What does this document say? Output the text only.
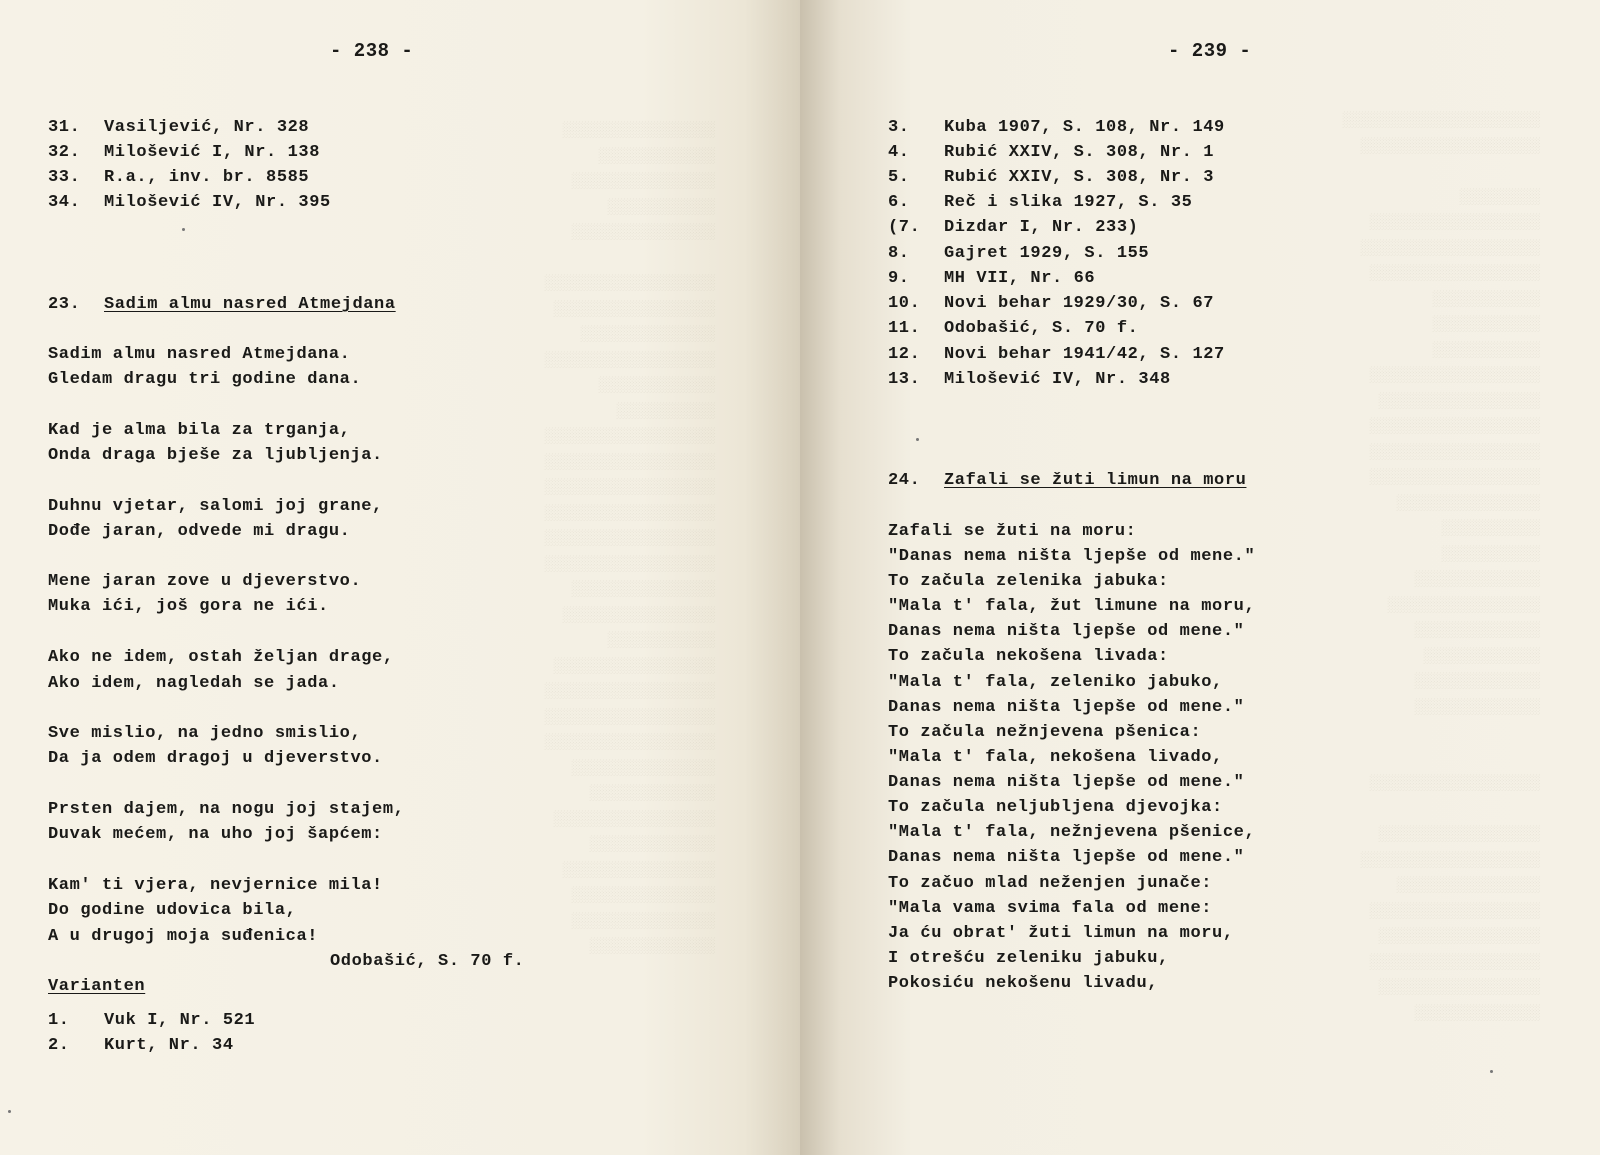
░░░░░░░░░░░░░░░░░
░░░░░░░░░░░░░
░░░░░░░░░░░░░░░░
░░░░░░░░░░░░
░░░░░░░░░░░░░░░░

░░░░░░░░░░░░░░░░░░░
░░░░░░░░░░░░░░░░░░
░░░░░░░░░░░░░░░
░░░░░░░░░░░░░░░░░░░
░░░░░░░░░░░░░
░░░░░░░░░░░
░░░░░░░░░░░░░░░░░░░
░░░░░░░░░░░░░░░░░░░
░░░░░░░░░░░░░░░░░░░
░░░░░░░░░░░░░░░░░░░
░░░░░░░░░░░░░░░░░░░
░░░░░░░░░░░░░░░░░░░
░░░░░░░░░░░░░░░░
░░░░░░░░░░░░░░░░░
░░░░░░░░░░░░
░░░░░░░░░░░░░░░░░░
░░░░░░░░░░░░░░░░░░░
░░░░░░░░░░░░░░░░░░░
░░░░░░░░░░░░░░░░░░░
░░░░░░░░░░░░░░░░
░░░░░░░░░░░░░░
░░░░░░░░░░░░░░░░░░
░░░░░░░░░░░░░░
░░░░░░░░░░░░░░░░░
░░░░░░░░░░░░░░░░
░░░░░░░░░░░░░░░░
░░░░░░░░░░░░░░
- 238 -
31. Vasiljević, Nr. 328
32. Milošević I, Nr. 138
33. R.a., inv. br. 8585
34. Milošević IV, Nr. 395
23. Sadim almu nasred Atmejdana
Sadim almu nasred Atmejdana.
Gledam dragu tri godine dana.
Kad je alma bila za trganja,
Onda draga bješe za ljubljenja.
Duhnu vjetar, salomi joj grane,
Dođe jaran, odvede mi dragu.
Mene jaran zove u djeverstvo.
Muka ići, još gora ne ići.
Ako ne idem, ostah željan drage,
Ako idem, nagledah se jada.
Sve mislio, na jedno smislio,
Da ja odem dragoj u djeverstvo.
Prsten dajem, na nogu joj stajem,
Duvak mećem, na uho joj šapćem:
Kam' ti vjera, nevjernice mila!
Do godine udovica bila,
A u drugoj moja suđenica!
Odobašić, S. 70 f.
Varianten
1. Vuk I, Nr. 521
2. Kurt, Nr. 34
░░░░░░░░░░░░░░░░░░░░░░
░░░░░░░░░░░░░░░░░░░░

░░░░░░░░░
░░░░░░░░░░░░░░░░░░░
░░░░░░░░░░░░░░░░░░░░
░░░░░░░░░░░░░░░░░░░
░░░░░░░░░░░░
░░░░░░░░░░░░
░░░░░░░░░░░░
░░░░░░░░░░░░░░░░░░░
░░░░░░░░░░░░░░░░░░
░░░░░░░░░░░░░░░░░░░
░░░░░░░░░░░░░░░░░░░
░░░░░░░░░░░░░░░░░░░
░░░░░░░░░░░░░░░░
░░░░░░░░░░░
░░░░░░░░░░░
░░░░░░░░░░░░░░
░░░░░░░░░░░░░░░░░
░░░░░░░░░░░░░░
░░░░░░░░░░░░░
░░░░░░░░░░░░░░
░░░░░░░░░░░░░░

░░░░░░░░░░░░░░░░░░░

░░░░░░░░░░░░░░░░░░
░░░░░░░░░░░░░░░░░░░░
░░░░░░░░░░░░░░░░
░░░░░░░░░░░░░░░░░░░
░░░░░░░░░░░░░░░░░░
░░░░░░░░░░░░░░░░░░░
░░░░░░░░░░░░░░░░░░
░░░░░░░░░░░░░░
- 239 -
3. Kuba 1907, S. 108, Nr. 149
4. Rubić XXIV, S. 308, Nr. 1
5. Rubić XXIV, S. 308, Nr. 3
6. Reč i slika 1927, S. 35
(7. Dizdar I, Nr. 233)
8. Gajret 1929, S. 155
9. MH VII, Nr. 66
10. Novi behar 1929/30, S. 67
11. Odobašić, S. 70 f.
12. Novi behar 1941/42, S. 127
13. Milošević IV, Nr. 348
24. Zafali se žuti limun na moru
Zafali se žuti na moru:
"Danas nema ništa ljepše od mene."
To začula zelenika jabuka:
"Mala t' fala, žut limune na moru,
Danas nema ništa ljepše od mene."
To začula nekošena livada:
"Mala t' fala, zeleniko jabuko,
Danas nema ništa ljepše od mene."
To začula nežnjevena pšenica:
"Mala t' fala, nekošena livado,
Danas nema ništa ljepše od mene."
To začula neljubljena djevojka:
"Mala t' fala, nežnjevena pšenice,
Danas nema ništa ljepše od mene."
To začuo mlad neženjen junače:
"Mala vama svima fala od mene:
Ja ću obrat' žuti limun na moru,
I otrešću zeleniku jabuku,
Pokosiću nekošenu livadu,
